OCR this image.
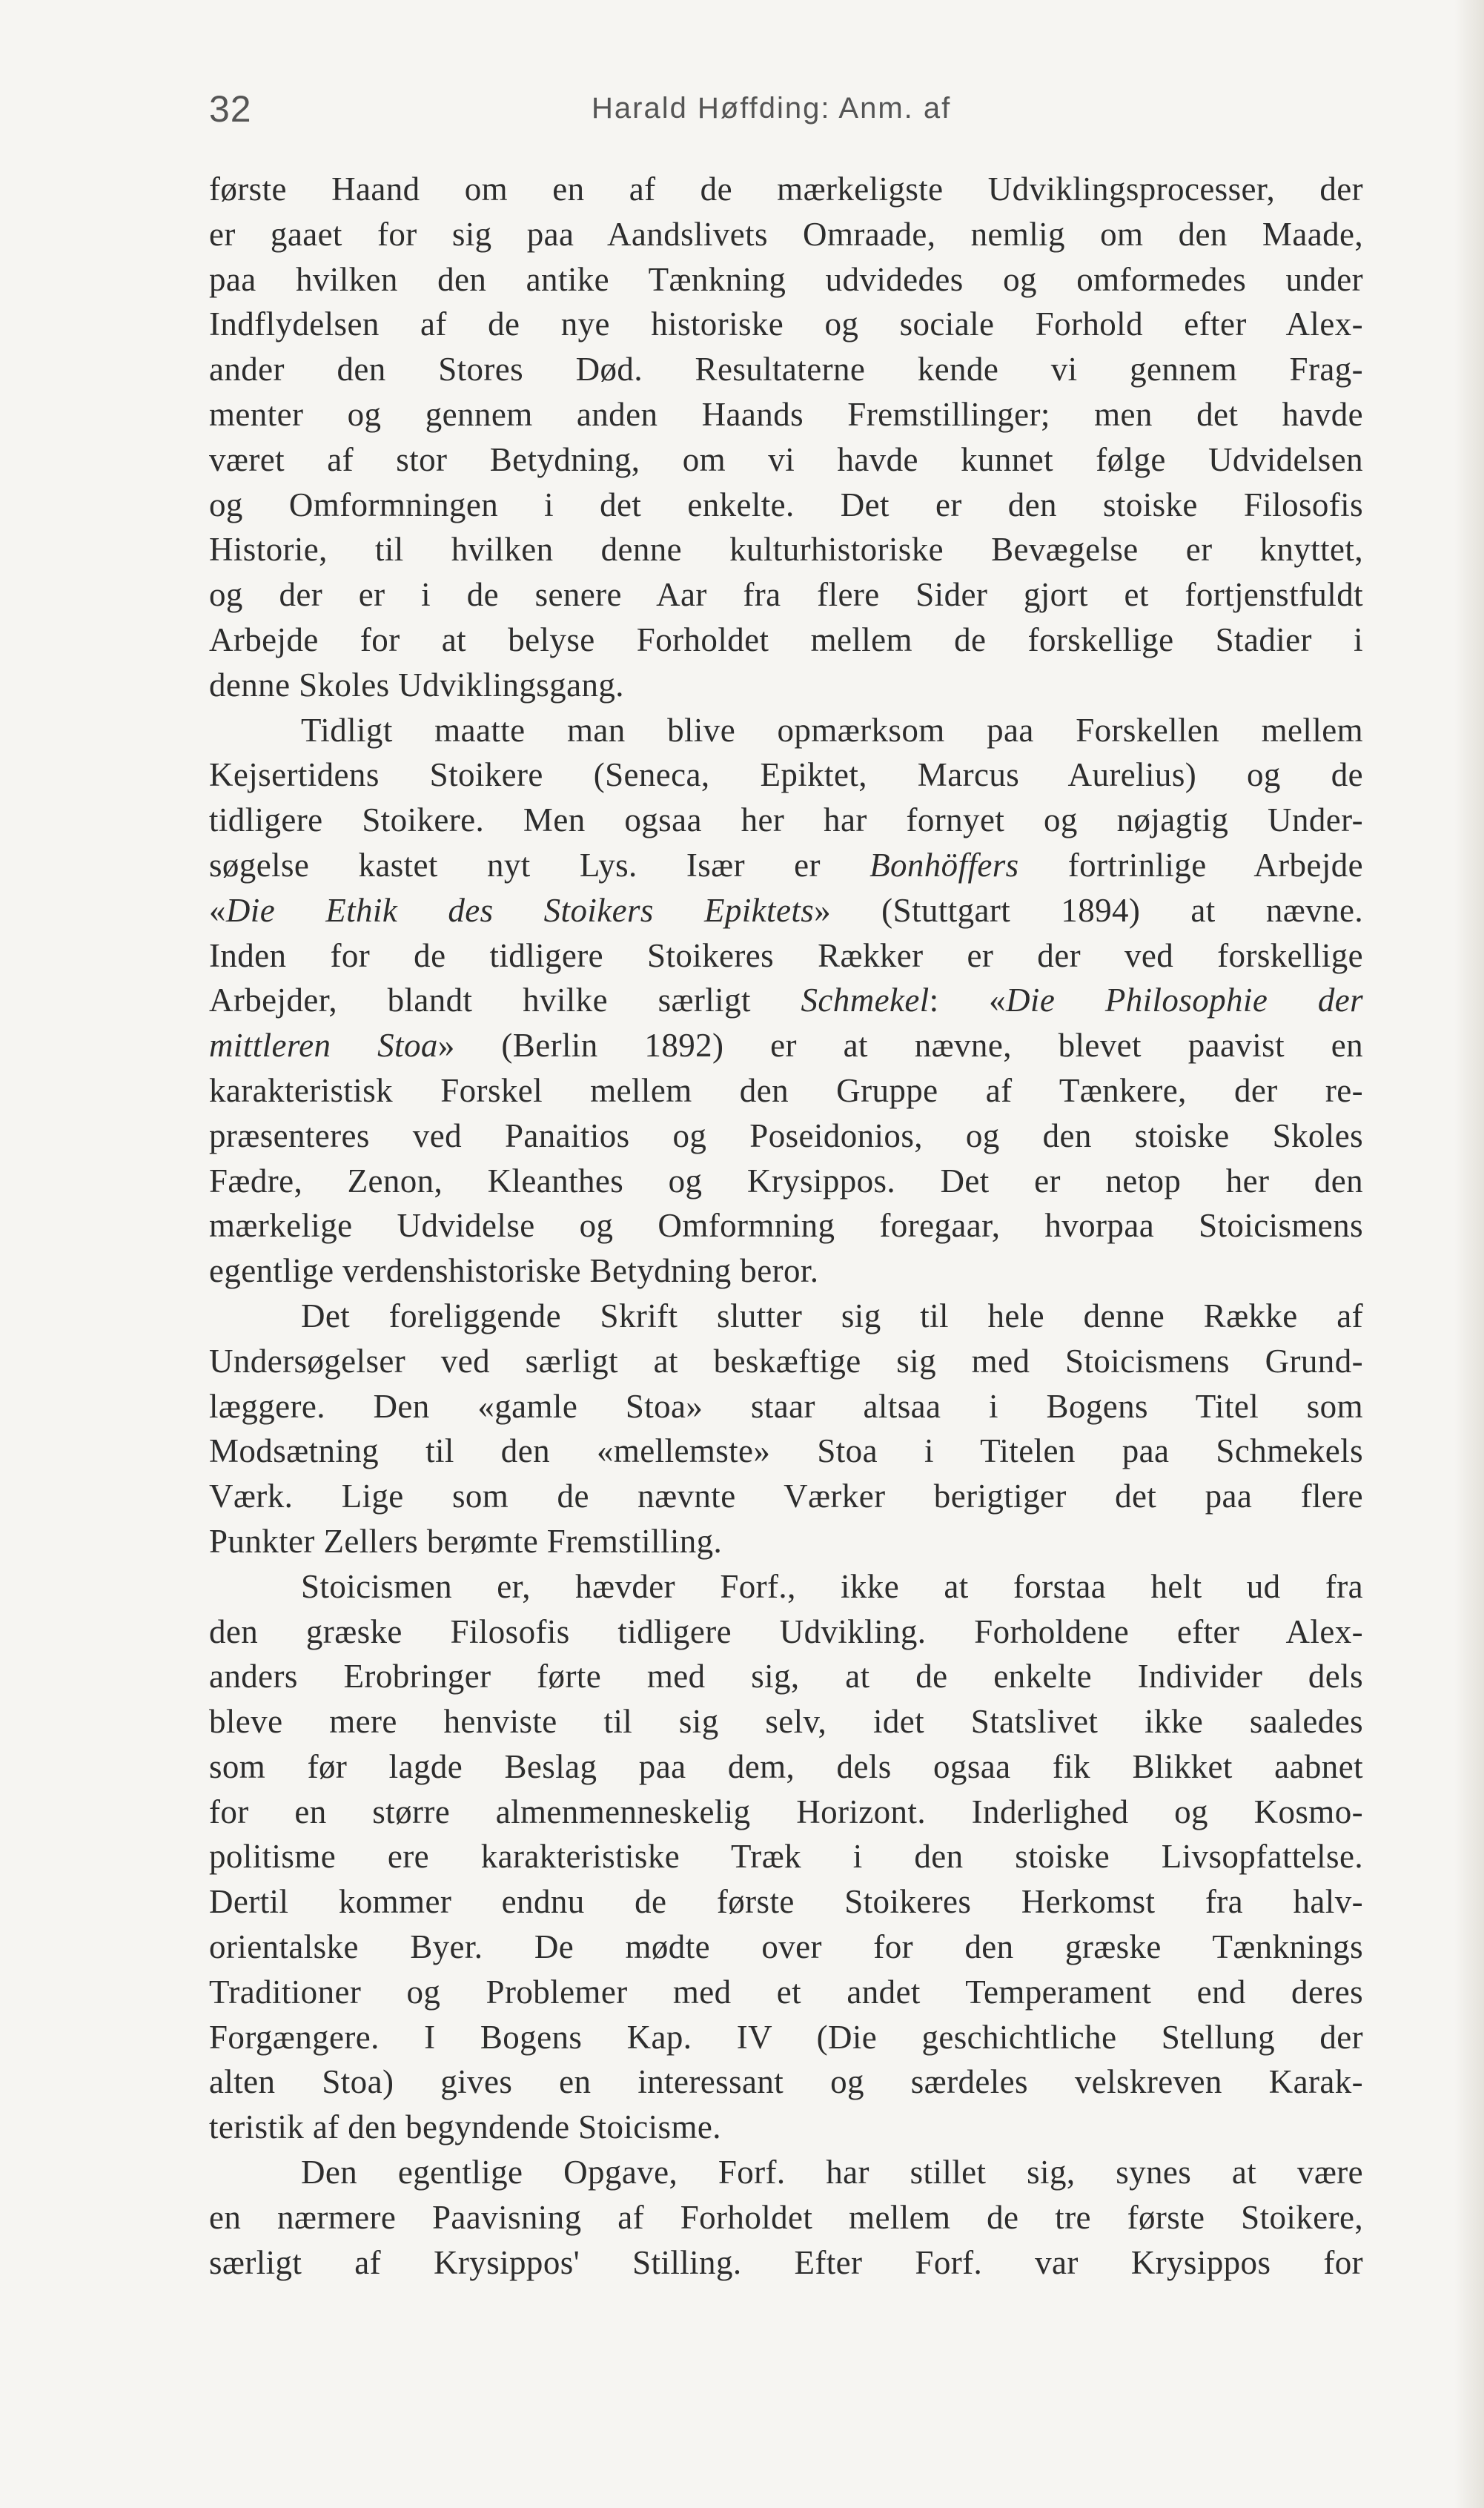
32	Harald Høffding: Anm. af
første Haand om en af de mærkeligste Udviklingsprocesser, der
er gaaet for sig paa Aandslivets Omraade, nemlig om den Maade,
paa hvilken den antike Tænkning udvidedes og omformedes under
Indflydelsen af de nye historiske og sociale Forhold efter Alex-
ander den Stores Død. Resultaterne kende vi gennem Frag-
menter og gennem anden Haands Fremstillinger; men det havde
været af stor Betydning, om vi havde kunnet følge Udvidelsen
og Omformningen i det enkelte. Det er den stoiske Filosofis
Historie, til hvilken denne kulturhistoriske Bevægelse er knyttet,
og der er i de senere Aar fra flere Sider gjort et fortjenstfuldt
Arbejde for at belyse Forholdet mellem de forskellige Stadier i
denne Skoles Udviklingsgang.
Tidligt maatte man blive opmærksom paa Forskellen mellem
Kejsertidens Stoikere (Seneca, Epiktet, Marcus Aurelius) og de
tidligere Stoikere. Men ogsaa her har fornyet og nøjagtig Under-
søgelse kastet nyt Lys. Især er Bonhöffers fortrinlige Arbejde
«Die Ethik des Stoikers Epiktets» (Stuttgart 1894) at nævne.
Inden for de tidligere Stoikeres Rækker er der ved forskellige
Arbejder, blandt hvilke særligt Schmekel: «Die Philosophie der
mittleren Stoa» (Berlin 1892) er at nævne, blevet paavist en
karakteristisk Forskel mellem den Gruppe af Tænkere, der re-
præsenteres ved Panaitios og Poseidonios, og den stoiske Skoles
Fædre, Zenon, Kleanthes og Krysippos. Det er netop her den
mærkelige Udvidelse og Omformning foregaar, hvorpaa Stoicismens
egentlige verdenshistoriske Betydning beror.
Det foreliggende Skrift slutter sig til hele denne Række af
Undersøgelser ved særligt at beskæftige sig med Stoicismens Grund-
læggere. Den «gamle Stoa» staar altsaa i Bogens Titel som
Modsætning til den «mellemste» Stoa i Titelen paa Schmekels
Værk. Lige som de nævnte Værker berigtiger det paa flere
Punkter Zellers berømte Fremstilling.
Stoicismen er, hævder Forf., ikke at forstaa helt ud fra
den græske Filosofis tidligere Udvikling. Forholdene efter Alex-
anders Erobringer førte med sig, at de enkelte Individer dels
bleve mere henviste til sig selv, idet Statslivet ikke saaledes
som før lagde Beslag paa dem, dels ogsaa fik Blikket aabnet
for en større almenmenneskelig Horizont. Inderlighed og Kosmo-
politisme ere karakteristiske Træk i den stoiske Livsopfattelse.
Dertil kommer endnu de første Stoikeres Herkomst fra halv-
orientalske Byer. De mødte over for den græske Tænknings
Traditioner og Problemer med et andet Temperament end deres
Forgængere. I Bogens Kap. IV (Die geschichtliche Stellung der
alten Stoa) gives en interessant og særdeles velskreven Karak-
teristik af den begyndende Stoicisme.
Den egentlige Opgave, Forf. har stillet sig, synes at være
en nærmere Paavisning af Forholdet mellem de tre første Stoikere,
særligt af Krysippos' Stilling. Efter Forf. var Krysippos for
